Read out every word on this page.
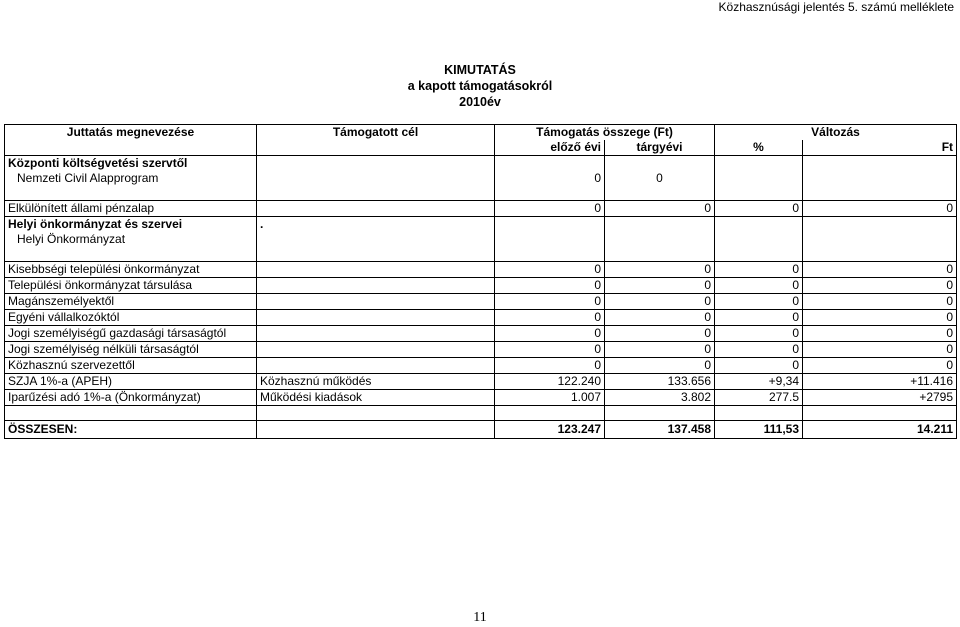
Közhasznúsági jelentés 5. számú melléklete
KIMUTATÁS
a kapott támogatásokról
2010év
Juttatás megnevezése	Támogatott cél	Támogatás összege (Ft)		Változás	
		előző évi	tárgyévi	%	Ft
Központi költségvetési szervtől					
Nemzeti Civil Alapprogram		0	0		

Elkülönített állami pénzalap		0	0	0	0
Helyi önkormányzat és szervei	.				
Helyi Önkormányzat					

Kisebbségi települési önkormányzat		0	0	0	0
Települési önkormányzat társulása		0	0	0	0
Magánszemélyektől		0	0	0	0
Egyéni vállalkozóktól		0	0	0	0
Jogi személyiségű gazdasági társaságtól		0	0	0	0
Jogi személyiség nélküli társaságtól		0	0	0	0
Közhasznú szervezettől		0	0	0	0
SZJA 1%-a (APEH)	Közhasznú működés	122.240	133.656	+9,34	+11.416
Iparűzési adó 1%-a (Önkormányzat)	Működési kiadások	1.007	3.802	277.5	+2795

ÖSSZESEN:		123.247	137.458	111,53	14.211
11
